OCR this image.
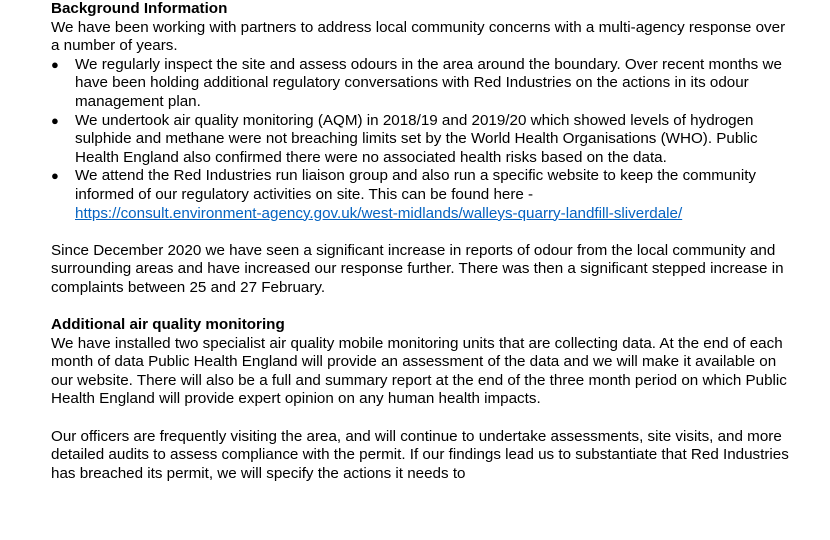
Background Information

We have been working with partners to address local community concerns with a multi-agency response over a number of years.

●	We regularly inspect the site and assess odours in the area around the boundary. Over recent months we have been holding additional regulatory conversations with Red Industries on the actions in its odour management plan.
●	We undertook air quality monitoring (AQM) in 2018/19 and 2019/20 which showed levels of hydrogen sulphide and methane were not breaching limits set by the World Health Organisations (WHO). Public Health England also confirmed there were no associated health risks based on the data.
●	We attend the Red Industries run liaison group and also run a specific website to keep the community informed of our regulatory activities on site. This can be found here -
https://consult.environment-agency.gov.uk/west-midlands/walleys-quarry-landfill-sliverdale/

Since December 2020 we have seen a significant increase in reports of odour from the local community and surrounding areas and have increased our response further. There was then a significant stepped increase in complaints between 25 and 27 February.

Additional air quality monitoring

We have installed two specialist air quality mobile monitoring units that are collecting data. At the end of each month of data Public Health England will provide an assessment of the data and we will make it available on our website. There will also be a full and summary report at the end of the three month period on which Public Health England will provide expert opinion on any human health impacts.

Our officers are frequently visiting the area, and will continue to undertake assessments, site visits, and more detailed audits to assess compliance with the permit. If our findings lead us to substantiate that Red Industries has breached its permit, we will specify the actions it needs to
